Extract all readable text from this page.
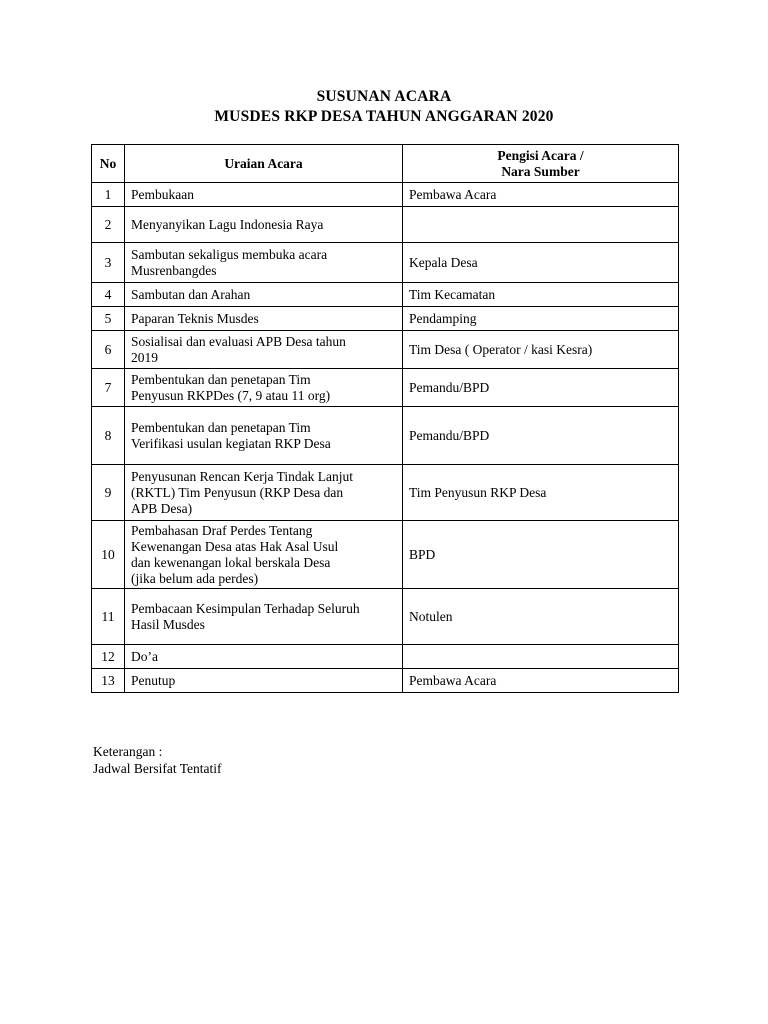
SUSUNAN ACARA
MUSDES RKP DESA TAHUN ANGGARAN 2020
No	Uraian Acara	Pengisi Acara /
Nara Sumber

1	Pembukaan	Pembawa Acara
2	Menyanyikan Lagu Indonesia Raya	

3	Sambutan sekaligus membuka acara
Musrenbangdes	Kepala Desa
4	Sambutan dan Arahan	Tim Kecamatan
5	Paparan Teknis Musdes	Pendamping
6	Sosialisai dan evaluasi APB Desa tahun
2019	Tim Desa ( Operator / kasi Kesra)
7	Pembentukan dan penetapan Tim
Penyusun RKPDes (7, 9 atau 11 org)	Pemandu/BPD
8	Pembentukan dan penetapan Tim
Verifikasi usulan kegiatan RKP Desa	Pemandu/BPD
9	Penyusunan Rencan Kerja Tindak Lanjut
(RKTL) Tim Penyusun (RKP Desa dan
APB Desa)	Tim Penyusun RKP Desa
10	Pembahasan Draf Perdes Tentang
Kewenangan Desa atas Hak Asal Usul
dan kewenangan lokal berskala Desa
(jika belum ada perdes)	BPD
11	Pembacaan Kesimpulan Terhadap Seluruh
Hasil Musdes	Notulen
12	Do’a	

13	Penutup	Pembawa Acara
Keterangan :
Jadwal Bersifat Tentatif
